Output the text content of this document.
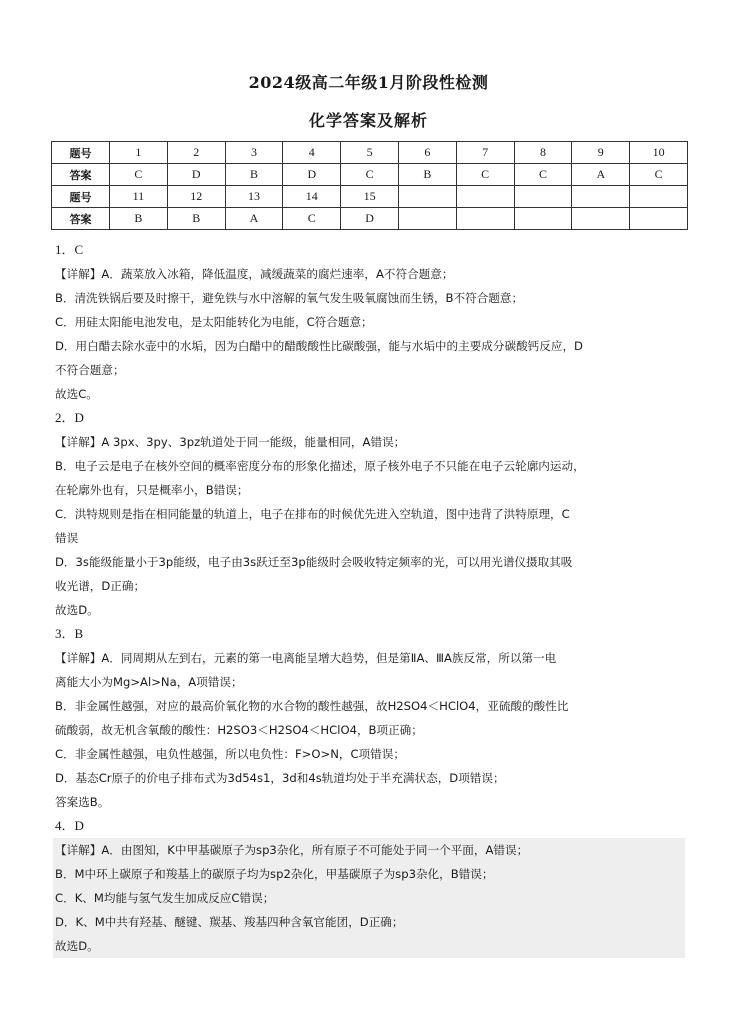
2024级高二年级1月阶段性检测
化学答案及解析
题号	1	2	3	4	5	6	7	8	9	10
答案	C	D	B	D	C	B	C	C	A	C
题号	11	12	13	14	15					
答案	B	B	A	C	D					

1．C

【详解】A．蔬菜放入冰箱，降低温度，减缓蔬菜的腐烂速率，A不符合题意；

B．清洗铁锅后要及时擦干，避免铁与水中溶解的氧气发生吸氧腐蚀而生锈，B不符合题意；

C．用硅太阳能电池发电，是太阳能转化为电能，C符合题意；

D．用白醋去除水壶中的水垢，因为白醋中的醋酸酸性比碳酸强，能与水垢中的主要成分碳酸钙反应，D

不符合题意；

故选C。

2．D

【详解】A 3px、3py、3pz轨道处于同一能级，能量相同，A错误；

B．电子云是电子在核外空间的概率密度分布的形象化描述，原子核外电子不只能在电子云轮廓内运动，

在轮廓外也有，只是概率小，B错误；

C．洪特规则是指在相同能量的轨道上，电子在排布的时候优先进入空轨道，图中违背了洪特原理，C

错误

D．3s能级能量小于3p能级，电子由3s跃迁至3p能级时会吸收特定频率的光，可以用光谱仪摄取其吸

收光谱，D正确；

故选D。

3．B

【详解】A．同周期从左到右，元素的第一电离能呈增大趋势，但是第ⅡA、ⅢA族反常，所以第一电

离能大小为Mg>Al>Na，A项错误；

B．非金属性越强，对应的最高价氧化物的水合物的酸性越强，故H2SO4＜HClO4，亚硫酸的酸性比

硫酸弱，故无机含氧酸的酸性：H2SO3＜H2SO4＜HClO4，B项正确；

C．非金属性越强，电负性越强，所以电负性：F>O>N，C项错误；

D．基态Cr原子的价电子排布式为3d54s1，3d和4s轨道均处于半充满状态，D项错误；

答案选B。

4．D

【详解】A．由图知，K中甲基碳原子为sp3杂化，所有原子不可能处于同一个平面，A错误；

B．M中环上碳原子和羧基上的碳原子均为sp2杂化，甲基碳原子为sp3杂化，B错误；

C．K、M均能与氢气发生加成反应C错误；

D．K、M中共有羟基、醚键、羰基、羧基四种含氧官能团，D正确；

故选D。
